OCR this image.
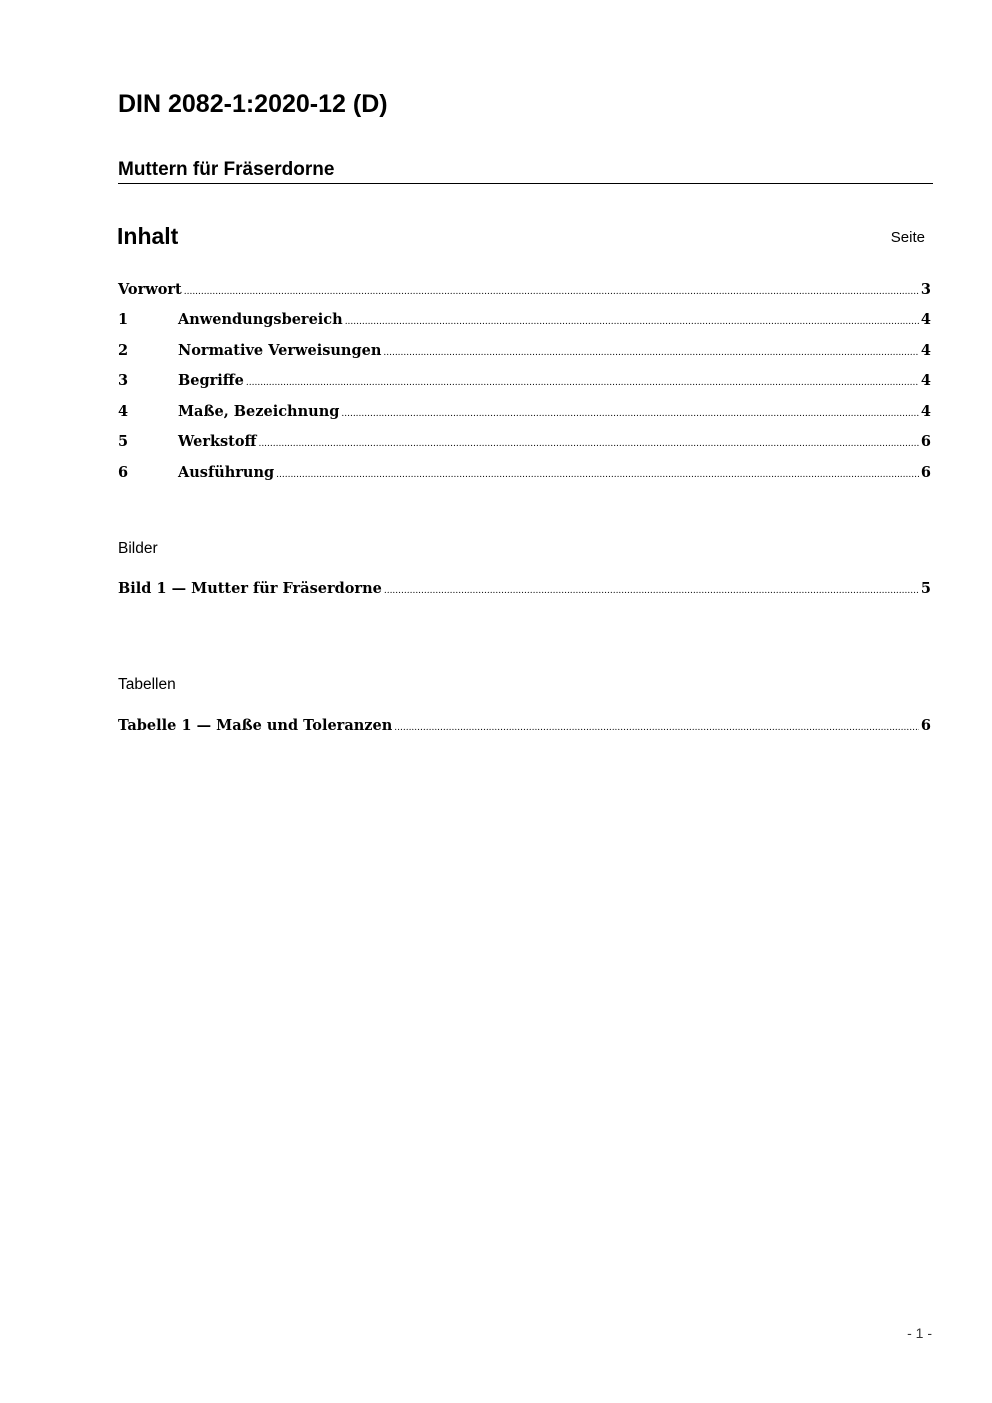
DIN 2082-1:2020-12 (D)
Muttern für Fräserdorne
Inhalt	Seite
Vorwort .....	3
1	Anwendungsbereich .....	4
2	Normative Verweisungen .....	4
3	Begriffe .....	4
4	Maße, Bezeichnung .....	4
5	Werkstoff .....	6
6	Ausführung .....	6
Bilder
Bild 1 — Mutter für Fräserdorne .....	5
Tabellen
Tabelle 1 — Maße und Toleranzen .....	6
- 1 -
